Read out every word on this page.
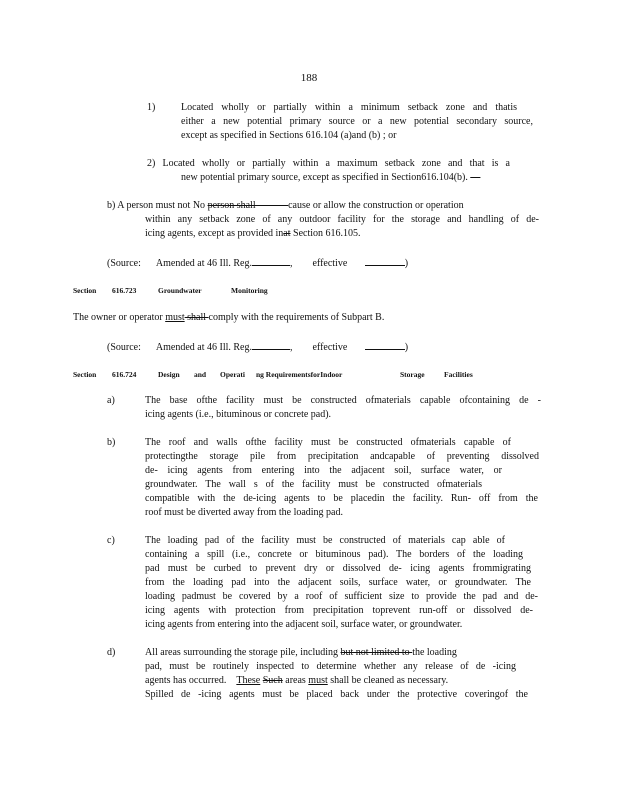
188
1)	Located wholly or partially within a minimum setback zone and thatis
either a new potential primary source or a new potential secondary source,
except as specified in Sections 616.104 (a)and (b) ; or
2) Located wholly or partially within a maximum setback zone and that is a
new potential primary source, except as specified in Section616.104(b). —
b) A person must not No person shall ———cause or allow the construction or operation
within any setback zone of any outdoor facility for the storage and handling of de-
icing agents, except as provided inat Section 616.105.
(Source: Amended at 46 Ill. Reg.	, effective	)
Section 616.723	Groundwater	Monitoring
The owner or operator must shall comply with the requirements of Subpart B.
(Source: Amended at 46 Ill. Reg.	, effective	)
Section 616.724	Design and Operati ng RequirementsforIndoor	Storage	Facilities
a)	The base ofthe facility must be constructed ofmaterials capable ofcontaining de -
icing agents (i.e., bituminous or concrete pad).
b)	The roof and walls ofthe facility must be constructed ofmaterials capable of
protectingthe storage pile from precipitation andcapable of preventing dissolved
de- icing agents from entering into the adjacent soil, surface water, or
groundwater. The wall s of the facility must be constructed ofmaterials
compatible with the de-icing agents to be placedin the facility. Run- off from the
roof must be diverted away from the loading pad.
c)	The loading pad of the facility must be constructed of materials cap able of
containing a spill (i.e., concrete or bituminous pad). The borders of the loading
pad must be curbed to prevent dry or dissolved de- icing agents frommigrating
from the loading pad into the adjacent soils, surface water, or groundwater. The
loading padmust be covered by a roof of sufficient size to provide the pad and de-
icing agents with protection from precipitation toprevent run-off or dissolved de-
icing agents from entering into the adjacent soil, surface water, or groundwater.
d)	All areas surrounding the storage pile, including but not limited to the loading
pad, must be routinely inspected to determine whether any release of de -icing
agents has occurred. These Such areas must shall be cleaned as necessary.
Spilled de -icing agents must be placed back under the protective coveringof the
